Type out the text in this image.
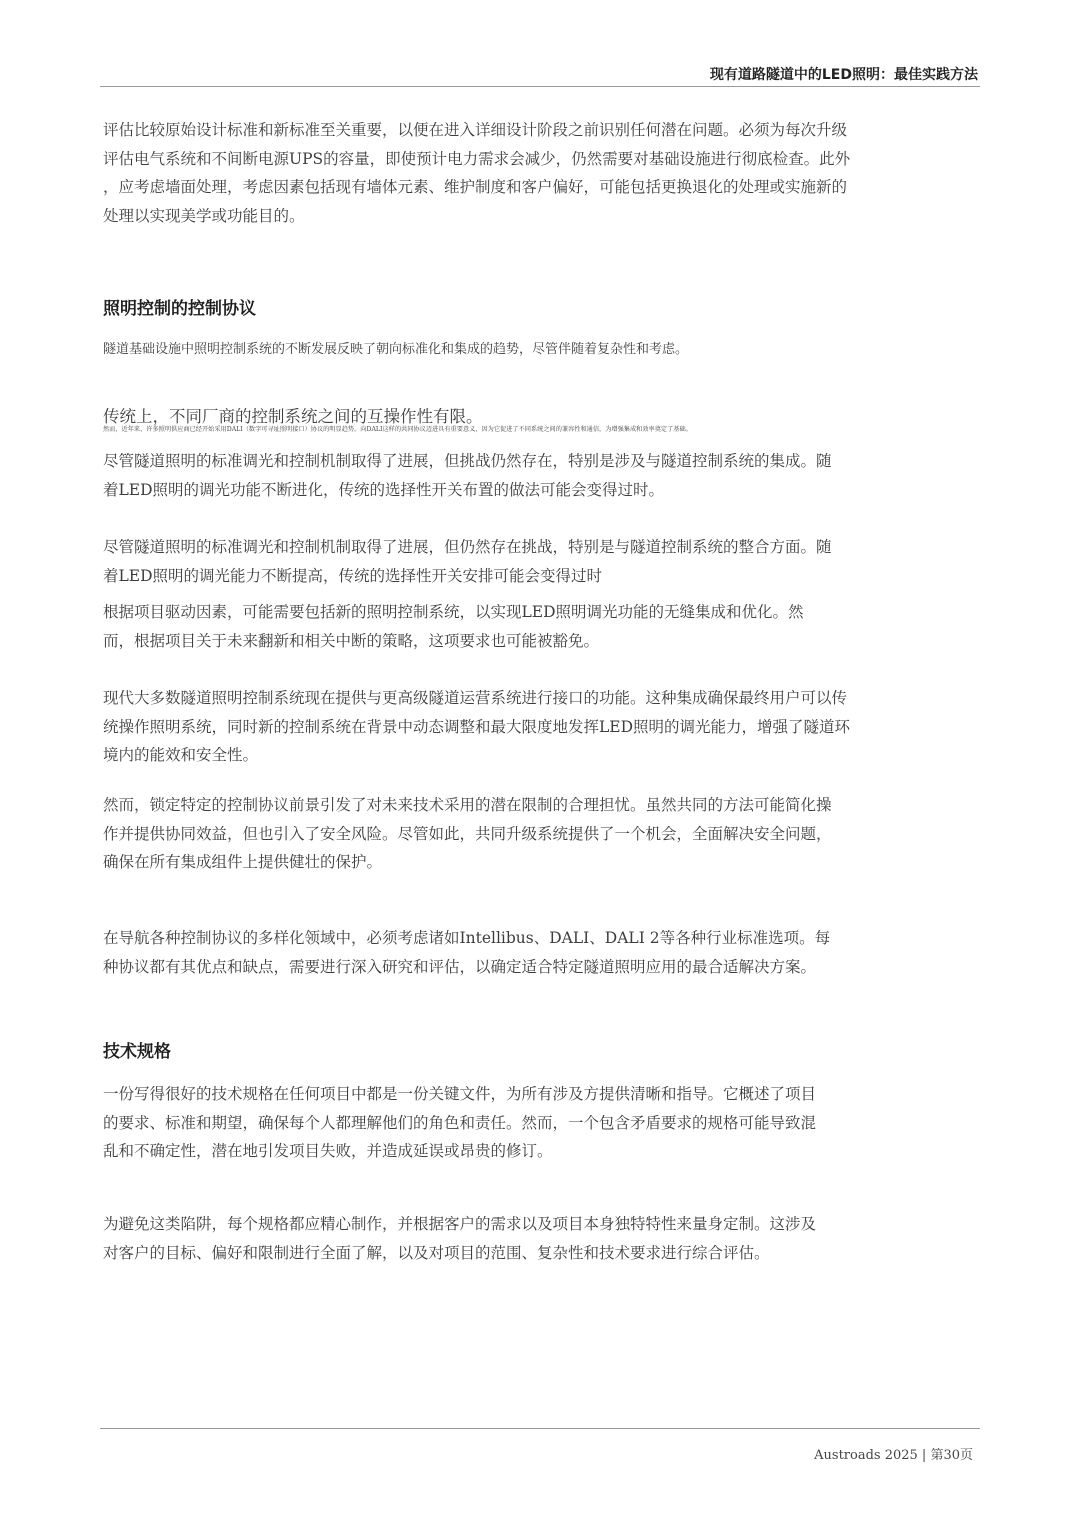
现有道路隧道中的LED照明：最佳实践方法
评估比较原始设计标准和新标准至关重要，以便在进入详细设计阶段之前识别任何潜在问题。必须为每次升级
评估电气系统和不间断电源UPS的容量，即使预计电力需求会减少，仍然需要对基础设施进行彻底检查。此外
，应考虑墙面处理，考虑因素包括现有墙体元素、维护制度和客户偏好，可能包括更换退化的处理或实施新的
处理以实现美学或功能目的。
照明控制的控制协议
隧道基础设施中照明控制系统的不断发展反映了朝向标准化和集成的趋势，尽管伴随着复杂性和考虑。
传统上，不同厂商的控制系统之间的互操作性有限。
然而，近年来，许多照明供应商已经开始采用DALI（数字可寻址照明接口）协议的明显趋势。向DALI这样的共同协议迈进具有重要意义，因为它促进了不同系统之间的兼容性和通信，为增强集成和效率奠定了基础。
尽管隧道照明的标准调光和控制机制取得了进展，但挑战仍然存在，特别是涉及与隧道控制系统的集成。随
着LED照明的调光功能不断进化，传统的选择性开关布置的做法可能会变得过时。
尽管隧道照明的标准调光和控制机制取得了进展，但仍然存在挑战，特别是与隧道控制系统的整合方面。随
着LED照明的调光能力不断提高，传统的选择性开关安排可能会变得过时
根据项目驱动因素，可能需要包括新的照明控制系统，以实现LED照明调光功能的无缝集成和优化。然
而，根据项目关于未来翻新和相关中断的策略，这项要求也可能被豁免。
现代大多数隧道照明控制系统现在提供与更高级隧道运营系统进行接口的功能。这种集成确保最终用户可以传
统操作照明系统，同时新的控制系统在背景中动态调整和最大限度地发挥LED照明的调光能力，增强了隧道环
境内的能效和安全性。
然而，锁定特定的控制协议前景引发了对未来技术采用的潜在限制的合理担忧。虽然共同的方法可能简化操
作并提供协同效益，但也引入了安全风险。尽管如此，共同升级系统提供了一个机会，全面解决安全问题，
确保在所有集成组件上提供健壮的保护。
在导航各种控制协议的多样化领域中，必须考虑诸如Intellibus、DALI、DALI 2等各种行业标准选项。每
种协议都有其优点和缺点，需要进行深入研究和评估，以确定适合特定隧道照明应用的最合适解决方案。
技术规格
一份写得很好的技术规格在任何项目中都是一份关键文件，为所有涉及方提供清晰和指导。它概述了项目
的要求、标准和期望，确保每个人都理解他们的角色和责任。然而，一个包含矛盾要求的规格可能导致混
乱和不确定性，潜在地引发项目失败，并造成延误或昂贵的修订。
为避免这类陷阱，每个规格都应精心制作，并根据客户的需求以及项目本身独特特性来量身定制。这涉及
对客户的目标、偏好和限制进行全面了解，以及对项目的范围、复杂性和技术要求进行综合评估。
Austroads 2025 | 第30页
